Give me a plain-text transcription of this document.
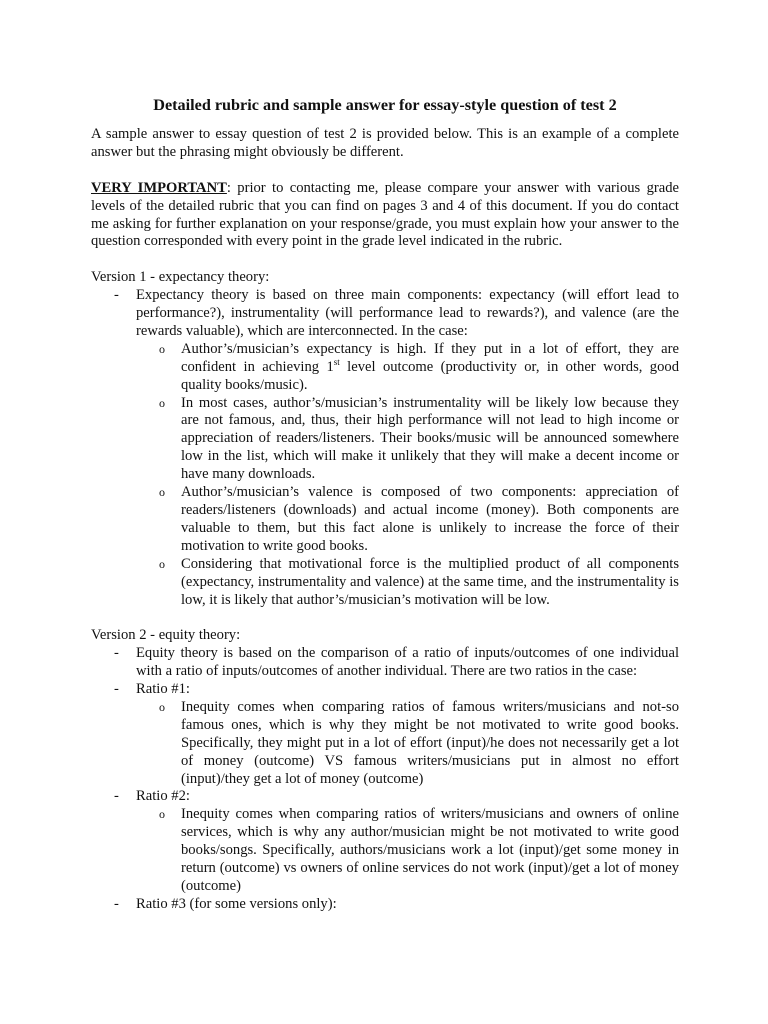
Detailed rubric and sample answer for essay-style question of test 2

A sample answer to essay question of test 2 is provided below. This is an example of a complete answer but the phrasing might obviously be different.

VERY IMPORTANT: prior to contacting me, please compare your answer with various grade levels of the detailed rubric that you can find on pages 3 and 4 of this document. If you do contact me asking for further explanation on your response/grade, you must explain how your answer to the question corresponded with every point in the grade level indicated in the rubric.

Version 1 - expectancy theory:
- Expectancy theory is based on three main components: expectancy (will effort lead to performance?), instrumentality (will performance lead to rewards?), and valence (are the rewards valuable), which are interconnected. In the case:
o Author’s/musician’s expectancy is high. If they put in a lot of effort, they are confident in achieving 1st level outcome (productivity or, in other words, good quality books/music).
o In most cases, author’s/musician’s instrumentality will be likely low because they are not famous, and, thus, their high performance will not lead to high income or appreciation of readers/listeners. Their books/music will be announced somewhere low in the list, which will make it unlikely that they will make a decent income or have many downloads.
o Author’s/musician’s valence is composed of two components: appreciation of readers/listeners (downloads) and actual income (money). Both components are valuable to them, but this fact alone is unlikely to increase the force of their motivation to write good books.
o Considering that motivational force is the multiplied product of all components (expectancy, instrumentality and valence) at the same time, and the instrumentality is low, it is likely that author’s/musician’s motivation will be low.
Version 2 - equity theory:
- Equity theory is based on the comparison of a ratio of inputs/outcomes of one individual with a ratio of inputs/outcomes of another individual. There are two ratios in the case:
- Ratio #1:
o Inequity comes when comparing ratios of famous writers/musicians and not-so famous ones, which is why they might be not motivated to write good books. Specifically, they might put in a lot of effort (input)/he does not necessarily get a lot of money (outcome) VS famous writers/musicians put in almost no effort (input)/they get a lot of money (outcome)
- Ratio #2:
o Inequity comes when comparing ratios of writers/musicians and owners of online services, which is why any author/musician might be not motivated to write good books/songs. Specifically, authors/musicians work a lot (input)/get some money in return (outcome) vs owners of online services do not work (input)/get a lot of money (outcome)
- Ratio #3 (for some versions only):
